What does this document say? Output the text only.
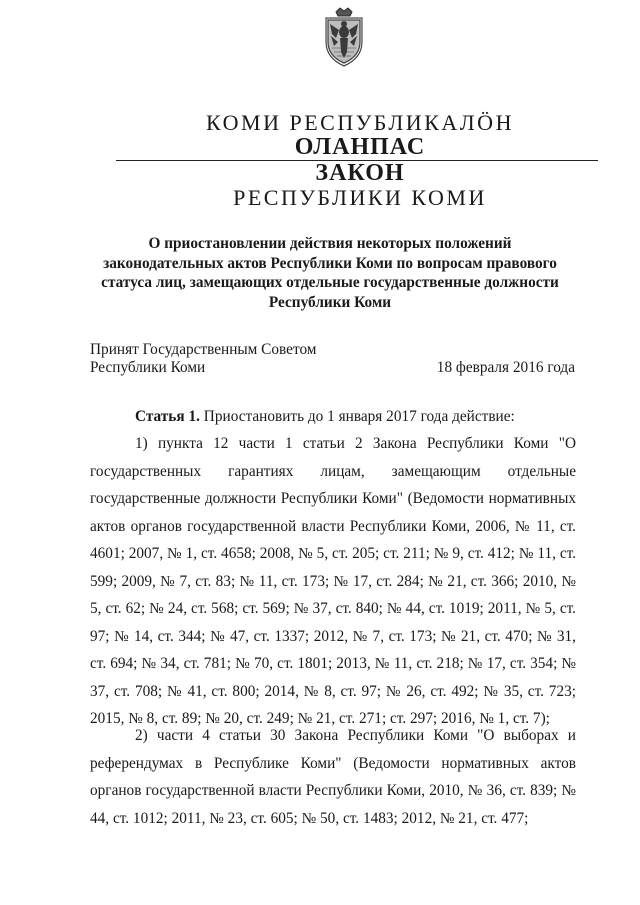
КОМИ РЕСПУБЛИКАЛӦН
ОЛАНПАС
ЗАКОН
РЕСПУБЛИКИ КОМИ
О приостановлении действия некоторых положений законодательных актов Республики Коми по вопросам правового статуса лиц, замещающих отдельные государственные должности Республики Коми
Принят Государственным Советом
Республики Коми	18 февраля 2016 года
Статья 1. Приостановить до 1 января 2017 года действие:
1) пункта 12 части 1 статьи 2 Закона Республики Коми "О государственных гарантиях лицам, замещающим отдельные государственные должности Республики Коми" (Ведомости нормативных актов органов государственной власти Республики Коми, 2006, № 11, ст. 4601; 2007, № 1, ст. 4658; 2008, № 5, ст. 205; ст. 211; № 9, ст. 412; № 11, ст. 599; 2009, № 7, ст. 83; № 11, ст. 173; № 17, ст. 284; № 21, ст. 366; 2010, № 5, ст. 62; № 24, ст. 568; ст. 569; № 37, ст. 840; № 44, ст. 1019; 2011, № 5, ст. 97; № 14, ст. 344; № 47, ст. 1337; 2012, № 7, ст. 173; № 21, ст. 470; № 31, ст. 694; № 34, ст. 781; № 70, ст. 1801; 2013, № 11, ст. 218; № 17, ст. 354; № 37, ст. 708; № 41, ст. 800; 2014, № 8, ст. 97; № 26, ст. 492; № 35, ст. 723; 2015, № 8, ст. 89; № 20, ст. 249; № 21, ст. 271; ст. 297; 2016, № 1, ст. 7);
2) части 4 статьи 30 Закона Республики Коми "О выборах и референдумах в Республике Коми" (Ведомости нормативных актов органов государственной власти Республики Коми, 2010, № 36, ст. 839; № 44, ст. 1012; 2011, № 23, ст. 605; № 50, ст. 1483; 2012, № 21, ст. 477;
